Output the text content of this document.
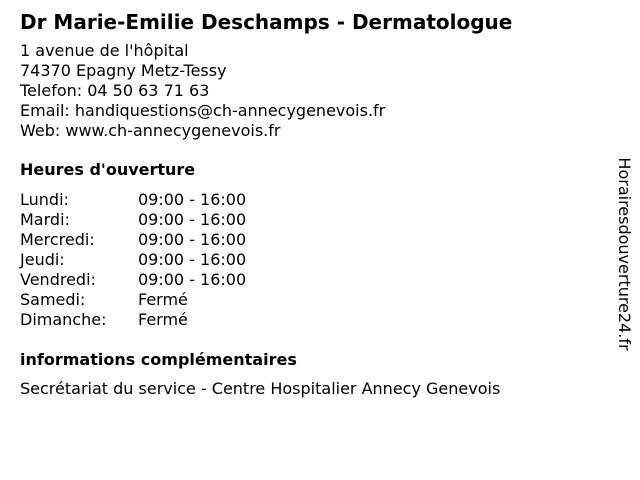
Dr Marie-Emilie Deschamps - Dermatologue
1 avenue de l'hôpital
74370 Epagny Metz-Tessy
Telefon: 04 50 63 71 63
Email: handiquestions@ch-annecygenevois.fr
Web: www.ch-annecygenevois.fr
Heures d'ouverture
Lundi:	09:00 - 16:00
Mardi:	09:00 - 16:00
Mercredi:	09:00 - 16:00
Jeudi:	09:00 - 16:00
Vendredi:	09:00 - 16:00
Samedi:	Fermé
Dimanche:	Fermé
informations complémentaires
Secrétariat du service - Centre Hospitalier Annecy Genevois
Horairesdouverture24.fr
